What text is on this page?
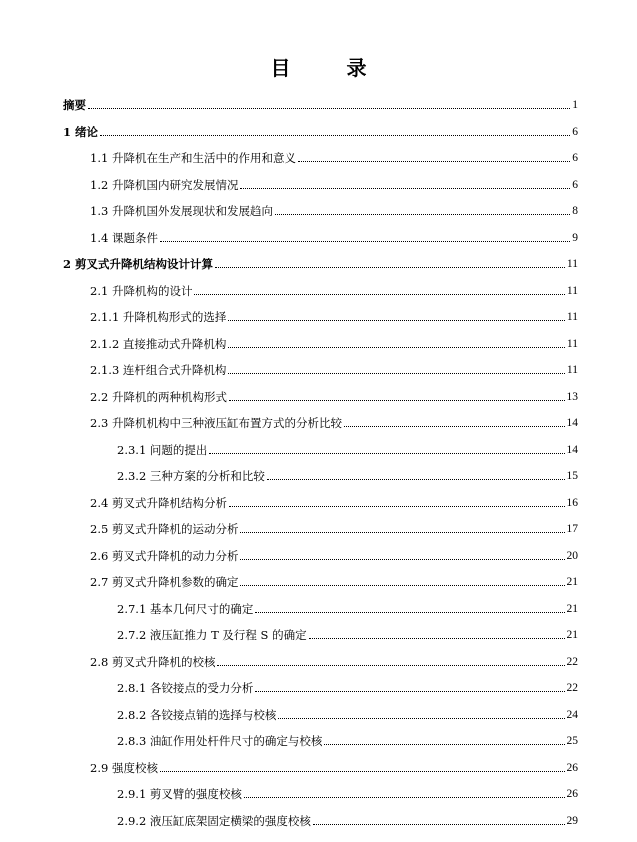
目	录
摘要	1
1 绪论	6
1.1 升降机在生产和生活中的作用和意义	6
1.2 升降机国内研究发展情况	6
1.3 升降机国外发展现状和发展趋向	8
1.4 课题条件	9
2 剪叉式升降机结构设计计算	11
2.1 升降机构的设计	11
2.1.1 升降机构形式的选择	11
2.1.2 直接推动式升降机构	11
2.1.3 连杆组合式升降机构	11
2.2 升降机的两种机构形式	13
2.3 升降机机构中三种液压缸布置方式的分析比较	14
2.3.1 问题的提出	14
2.3.2 三种方案的分析和比较	15
2.4 剪叉式升降机结构分析	16
2.5 剪叉式升降机的运动分析	17
2.6 剪叉式升降机的动力分析	20
2.7 剪叉式升降机参数的确定	21
2.7.1 基本几何尺寸的确定	21
2.7.2 液压缸推力 T 及行程 S 的确定	21
2.8 剪叉式升降机的校核	22
2.8.1 各铰接点的受力分析	22
2.8.2 各铰接点销的选择与校核	24
2.8.3 油缸作用处杆件尺寸的确定与校核	25
2.9 强度校核	26
2.9.1 剪叉臂的强度校核	26
2.9.2 液压缸底架固定横梁的强度校核	29
